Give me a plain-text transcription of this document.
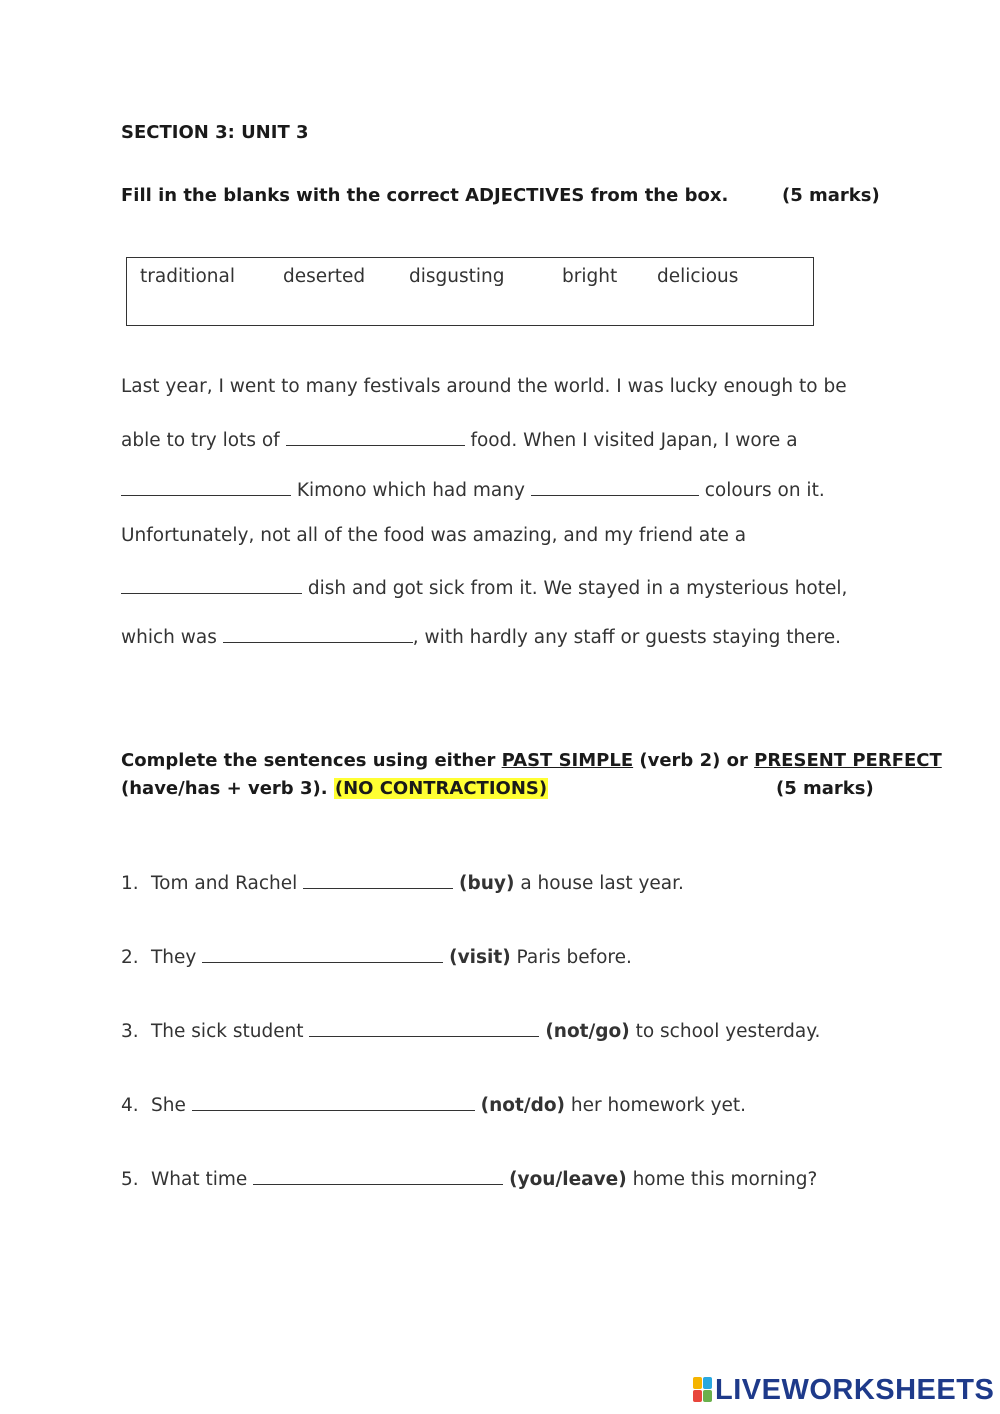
SECTION 3: UNIT 3

Fill in the blanks with the correct ADJECTIVES from the box.	(5 marks)

traditional	deserted disgusting	bright delicious

Last year, I went to many festivals around the world. I was lucky enough to be

able to try lots of	food. When I visited Japan, I wore a

Kimono which had many	colours on it.

Unfortunately, not all of the food was amazing, and my friend ate a

dish and got sick from it. We stayed in a mysterious hotel,

which was	, with hardly any staff or guests staying there.

Complete the sentences using either PAST SIMPLE (verb 2) or PRESENT PERFECT

(have/has + verb 3). (NO CONTRACTIONS)	(5 marks)

1. Tom and Rachel	(buy) a house last year.

2. They	(visit) Paris before.

3. The sick student	(not/go) to school yesterday.

4. She	(not/do) her homework yet.

5. What time	(you/leave) home this morning?

LIVEWORKSHEETS
